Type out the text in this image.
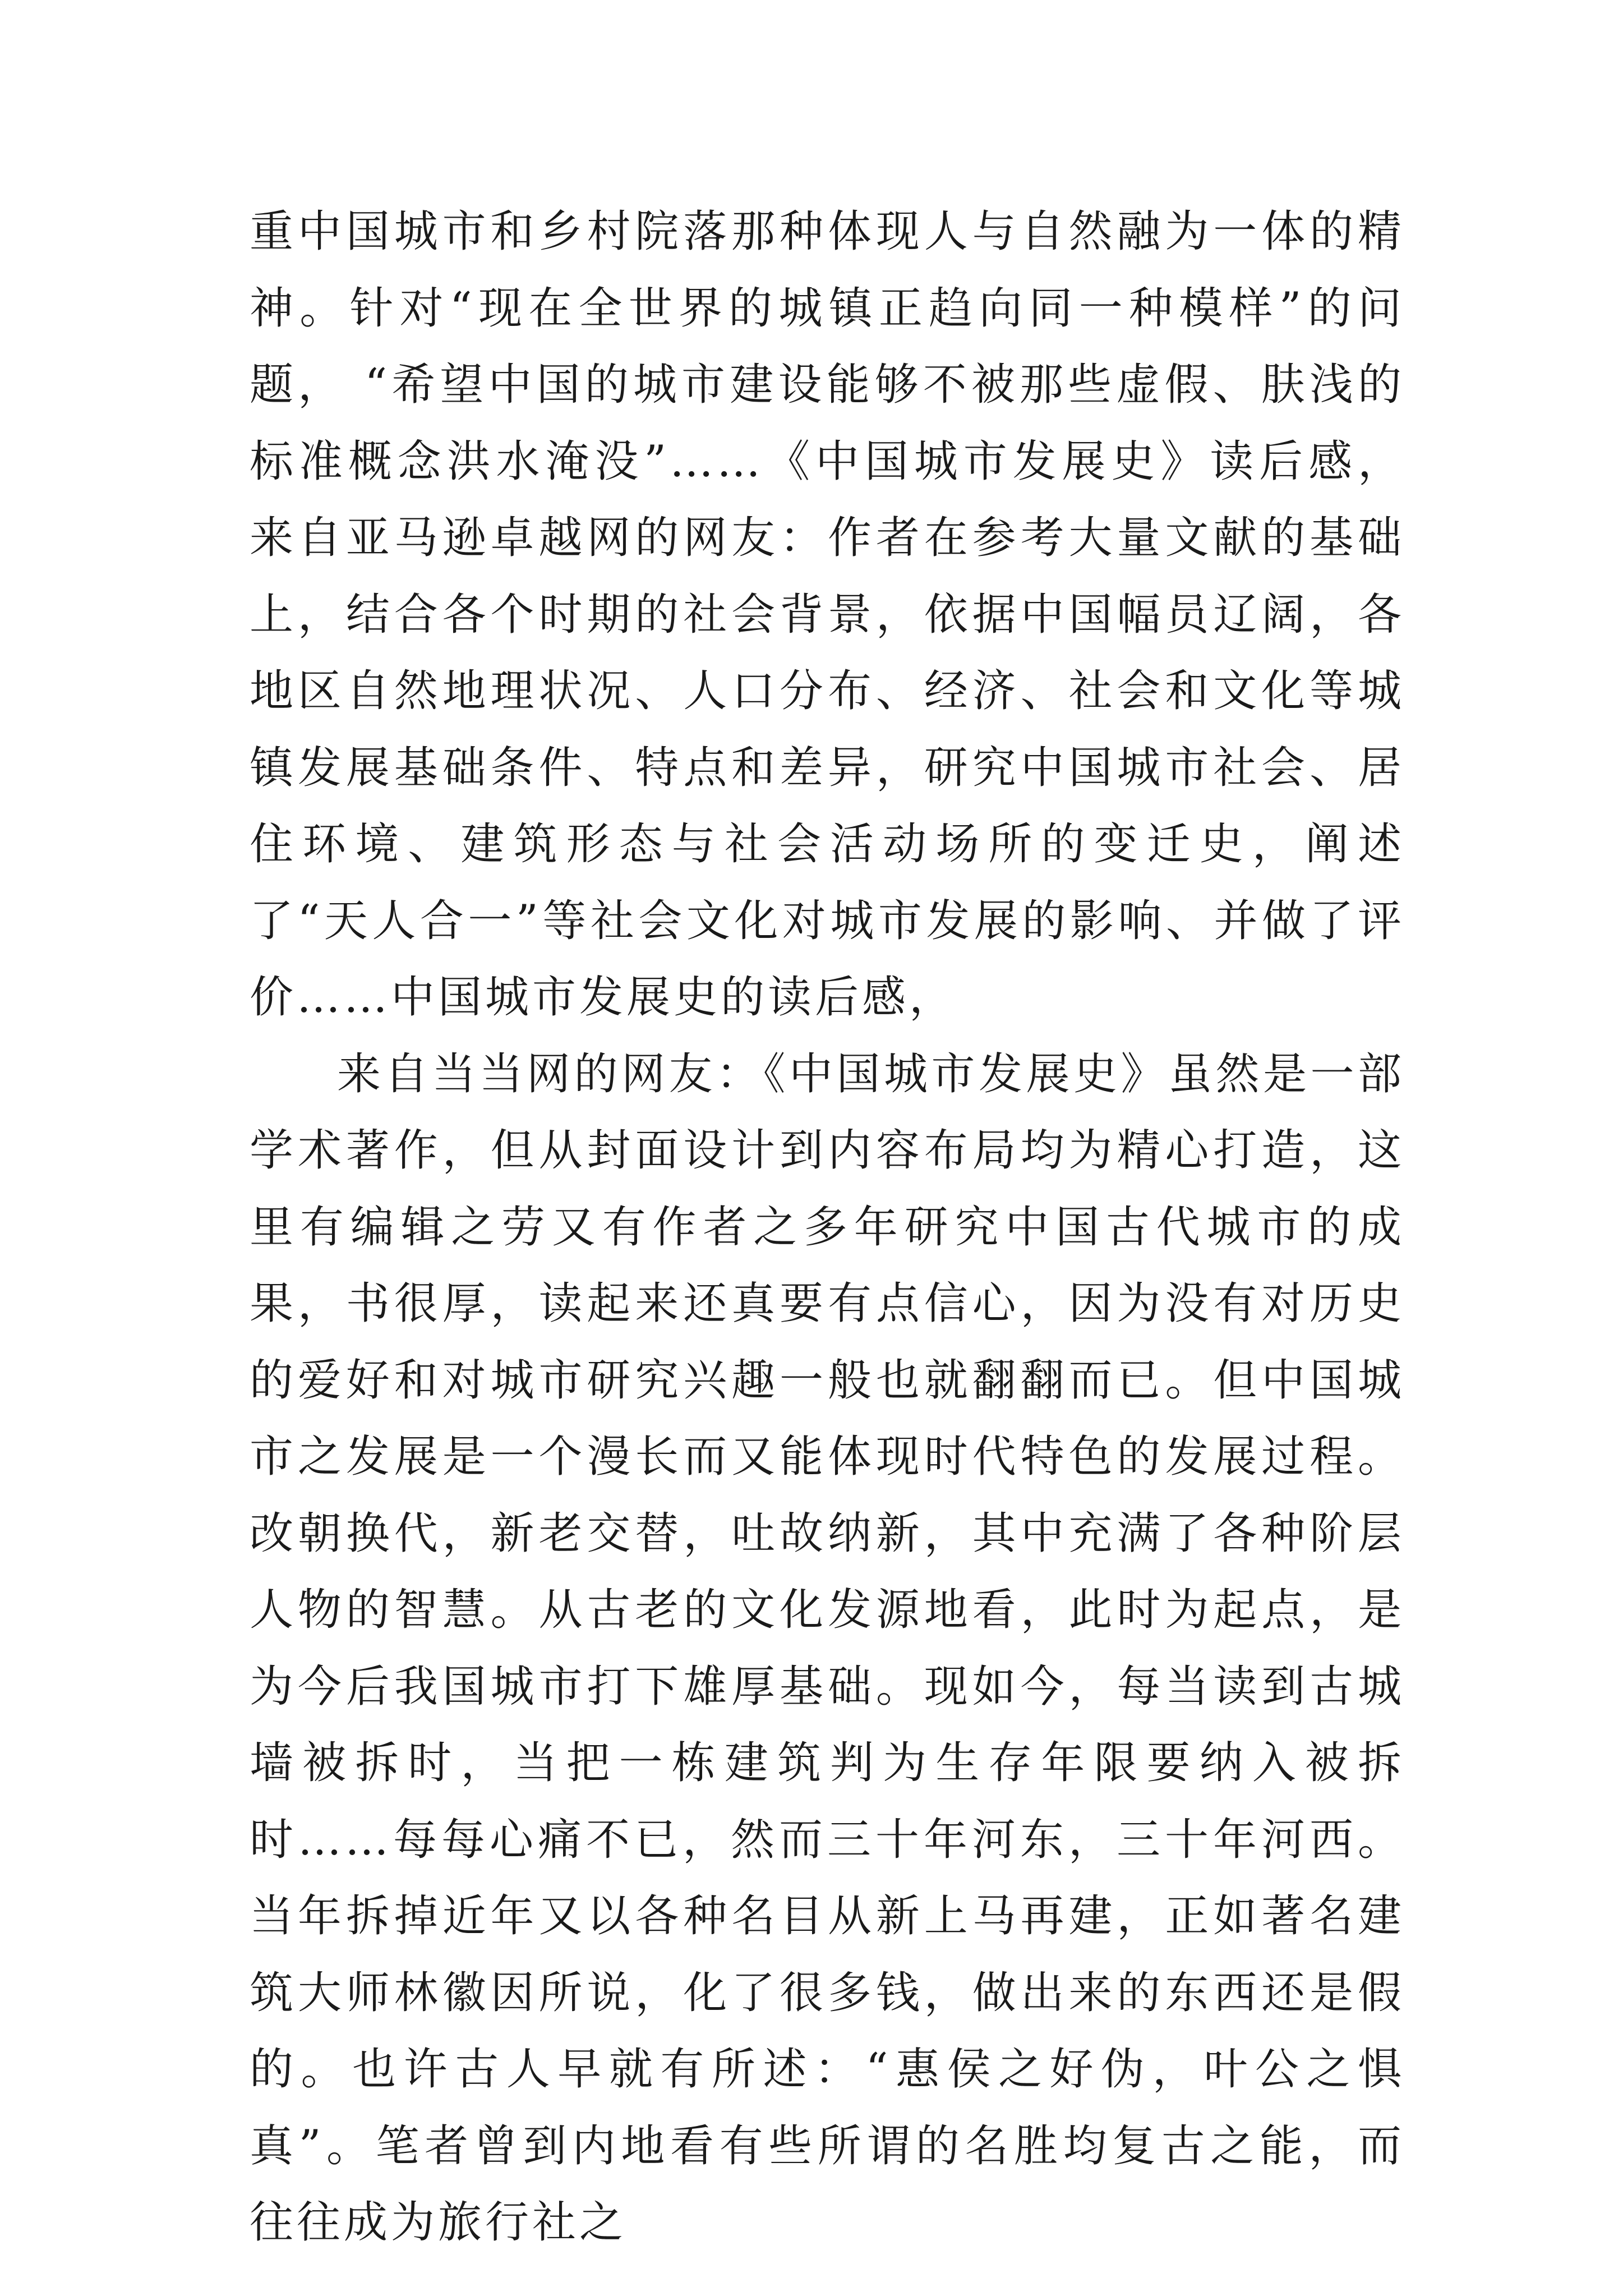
重中国城市和乡村院落那种体现人与自然融为一体的精神。针对“现在全世界的城镇正趋向同一种模样”的问题， “希望中国的城市建设能够不被那些虚假、肤浅的标准概念洪水淹没”……《中国城市发展史》读后感，来自亚马逊卓越网的网友：作者在参考大量文献的基础上，结合各个时期的社会背景，依据中国幅员辽阔，各地区自然地理状况、人口分布、经济、社会和文化等城镇发展基础条件、特点和差异，研究中国城市社会、居住环境、建筑形态与社会活动场所的变迁史，阐述了“天人合一”等社会文化对城市发展的影响、并做了评价……中国城市发展史的读后感，

来自当当网的网友：《中国城市发展史》虽然是一部学术著作，但从封面设计到内容布局均为精心打造，这里有编辑之劳又有作者之多年研究中国古代城市的成果，书很厚，读起来还真要有点信心，因为没有对历史的爱好和对城市研究兴趣一般也就翻翻而已。但中国城市之发展是一个漫长而又能体现时代特色的发展过程。改朝换代，新老交替，吐故纳新，其中充满了各种阶层人物的智慧。从古老的文化发源地看，此时为起点，是为今后我国城市打下雄厚基础。现如今，每当读到古城墙被拆时，当把一栋建筑判为生存年限要纳入被拆时……每每心痛不已，然而三十年河东，三十年河西。当年拆掉近年又以各种名目从新上马再建，正如著名建筑大师林徽因所说，化了很多钱，做出来的东西还是假的。也许古人早就有所述：“惠侯之好伪，叶公之惧真”。笔者曾到内地看有些所谓的名胜均复古之能，而往往成为旅行社之
